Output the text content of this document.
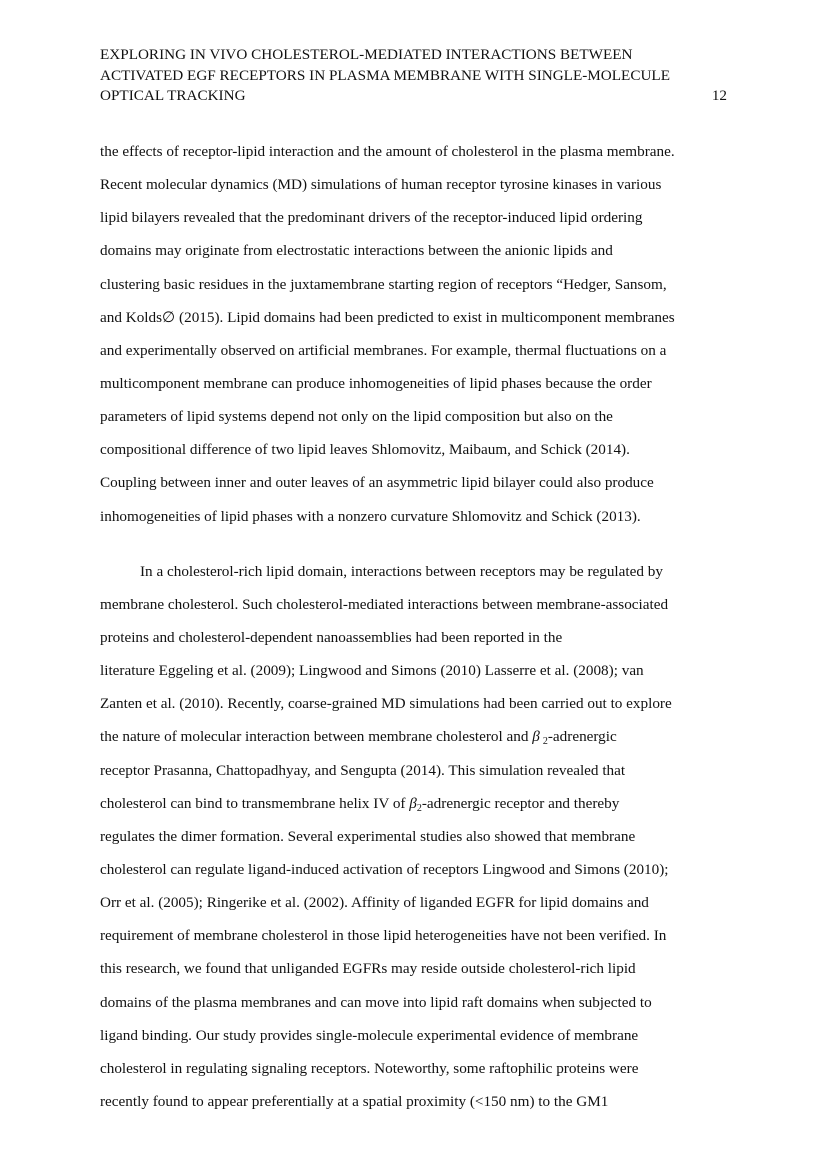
EXPLORING IN VIVO CHOLESTEROL-MEDIATED INTERACTIONS BETWEEN
ACTIVATED EGF RECEPTORS IN PLASMA MEMBRANE WITH SINGLE-MOLECULE
OPTICAL TRACKING	12
the effects of receptor-lipid interaction and the amount of cholesterol in the plasma membrane.
Recent molecular dynamics (MD) simulations of human receptor tyrosine kinases in various
lipid bilayers revealed that the predominant drivers of the receptor-induced lipid ordering
domains may originate from electrostatic interactions between the anionic lipids and
clustering basic residues in the juxtamembrane starting region of receptors “Hedger, Sansom,
and Kolds∅ (2015). Lipid domains had been predicted to exist in multicomponent membranes
and experimentally observed on artificial membranes. For example, thermal fluctuations on a
multicomponent membrane can produce inhomogeneities of lipid phases because the order
parameters of lipid systems depend not only on the lipid composition but also on the
compositional difference of two lipid leaves Shlomovitz, Maibaum, and Schick (2014).
Coupling between inner and outer leaves of an asymmetric lipid bilayer could also produce
inhomogeneities of lipid phases with a nonzero curvature Shlomovitz and Schick (2013).
In a cholesterol-rich lipid domain, interactions between receptors may be regulated by
membrane cholesterol. Such cholesterol-mediated interactions between membrane-associated
proteins and cholesterol-dependent nanoassemblies had been reported in the
literature Eggeling et al. (2009); Lingwood and Simons (2010) Lasserre et al. (2008); van
Zanten et al. (2010). Recently, coarse-grained MD simulations had been carried out to explore
the nature of molecular interaction between membrane cholesterol and β  $_2$-adrenergic
receptor Prasanna, Chattopadhyay, and Sengupta (2014). This simulation revealed that
cholesterol can bind to transmembrane helix IV of $\beta_2$-adrenergic receptor and thereby
regulates the dimer formation. Several experimental studies also showed that membrane
cholesterol can regulate ligand-induced activation of receptors Lingwood and Simons (2010);
Orr et al. (2005); Ringerike et al. (2002). Affinity of liganded EGFR for lipid domains and
requirement of membrane cholesterol in those lipid heterogeneities have not been verified. In
this research, we found that unliganded EGFRs may reside outside cholesterol-rich lipid
domains of the plasma membranes and can move into lipid raft domains when subjected to
ligand binding. Our study provides single-molecule experimental evidence of membrane
cholesterol in regulating signaling receptors. Noteworthy, some raftophilic proteins were
recently found to appear preferentially at a spatial proximity (<150 nm) to the GM1
